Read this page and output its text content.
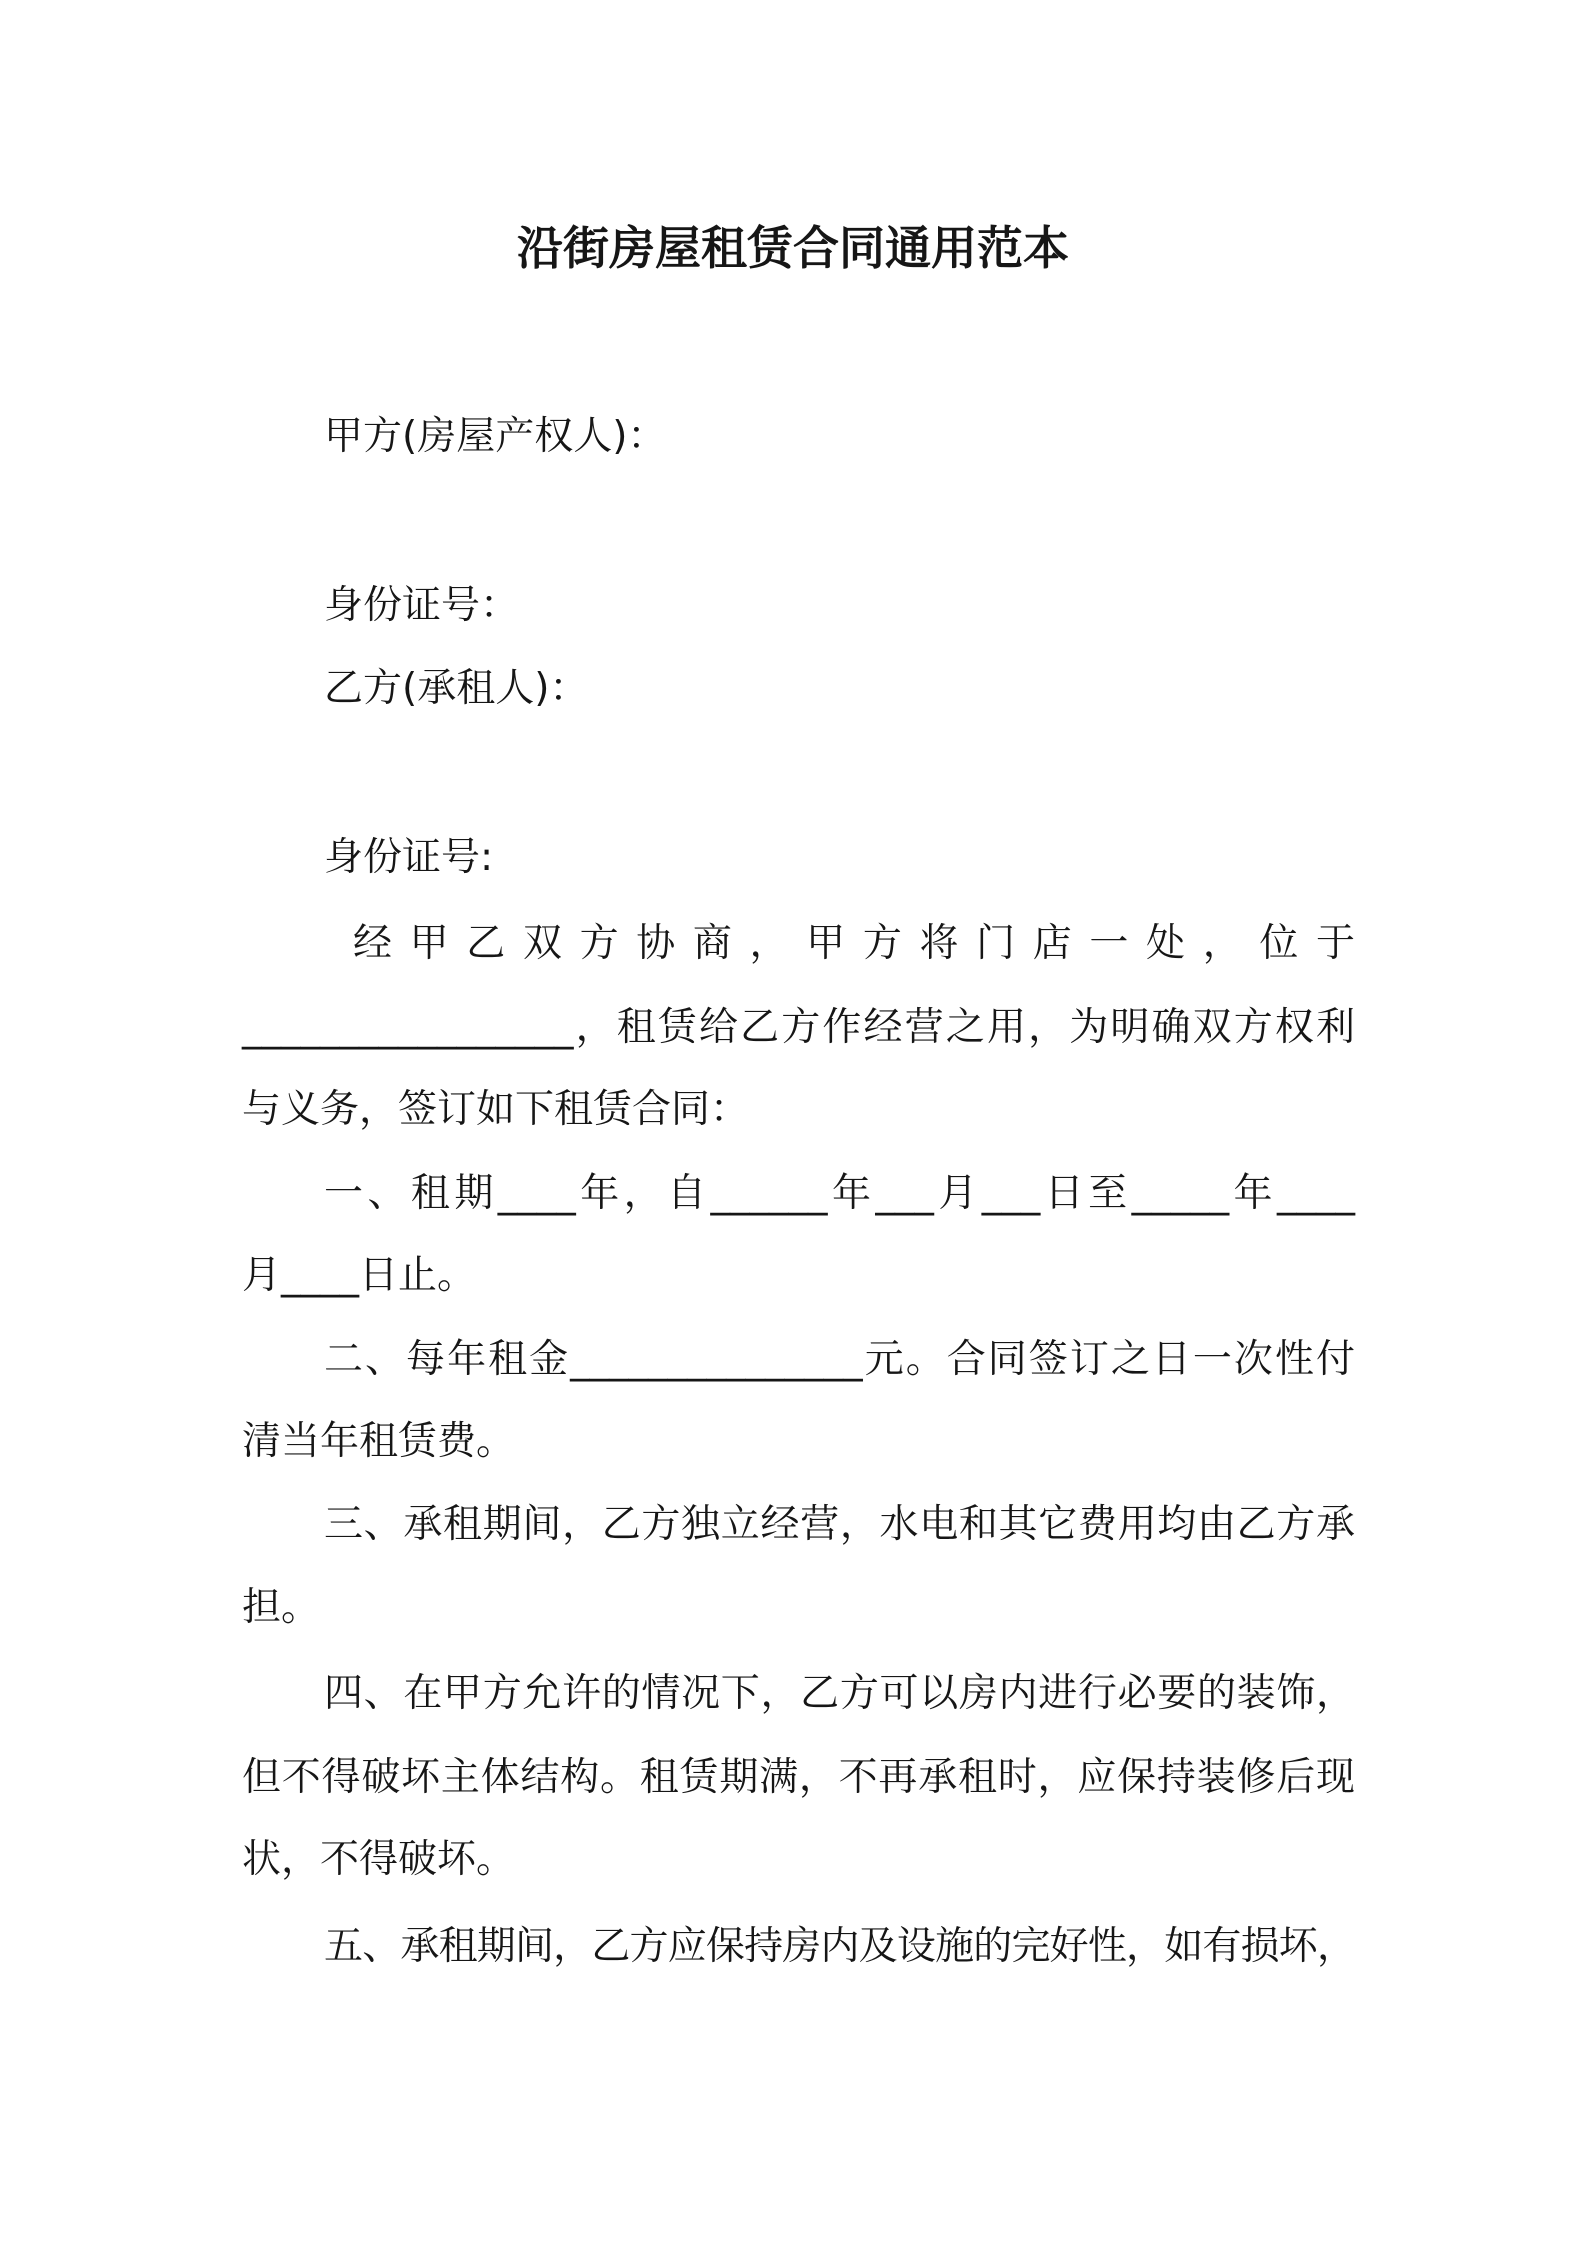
沿街房屋租赁合同通用范本
甲方(房屋产权人)：
身份证号：
乙方(承租人)：
身份证号:
经甲乙双方协商，甲方将门店一处，位于
_________________，租赁给乙方作经营之用，为明确双方权利
与义务，签订如下租赁合同：
一、租期____年，自______年___月___日至_____年____
月____日止。
二、每年租金_______________元。合同签订之日一次性付
清当年租赁费。
三、承租期间，乙方独立经营，水电和其它费用均由乙方承
担。
四、在甲方允许的情况下，乙方可以房内进行必要的装饰，
但不得破坏主体结构。租赁期满，不再承租时，应保持装修后现
状，不得破坏。
五、承租期间，乙方应保持房内及设施的完好性，如有损坏，
